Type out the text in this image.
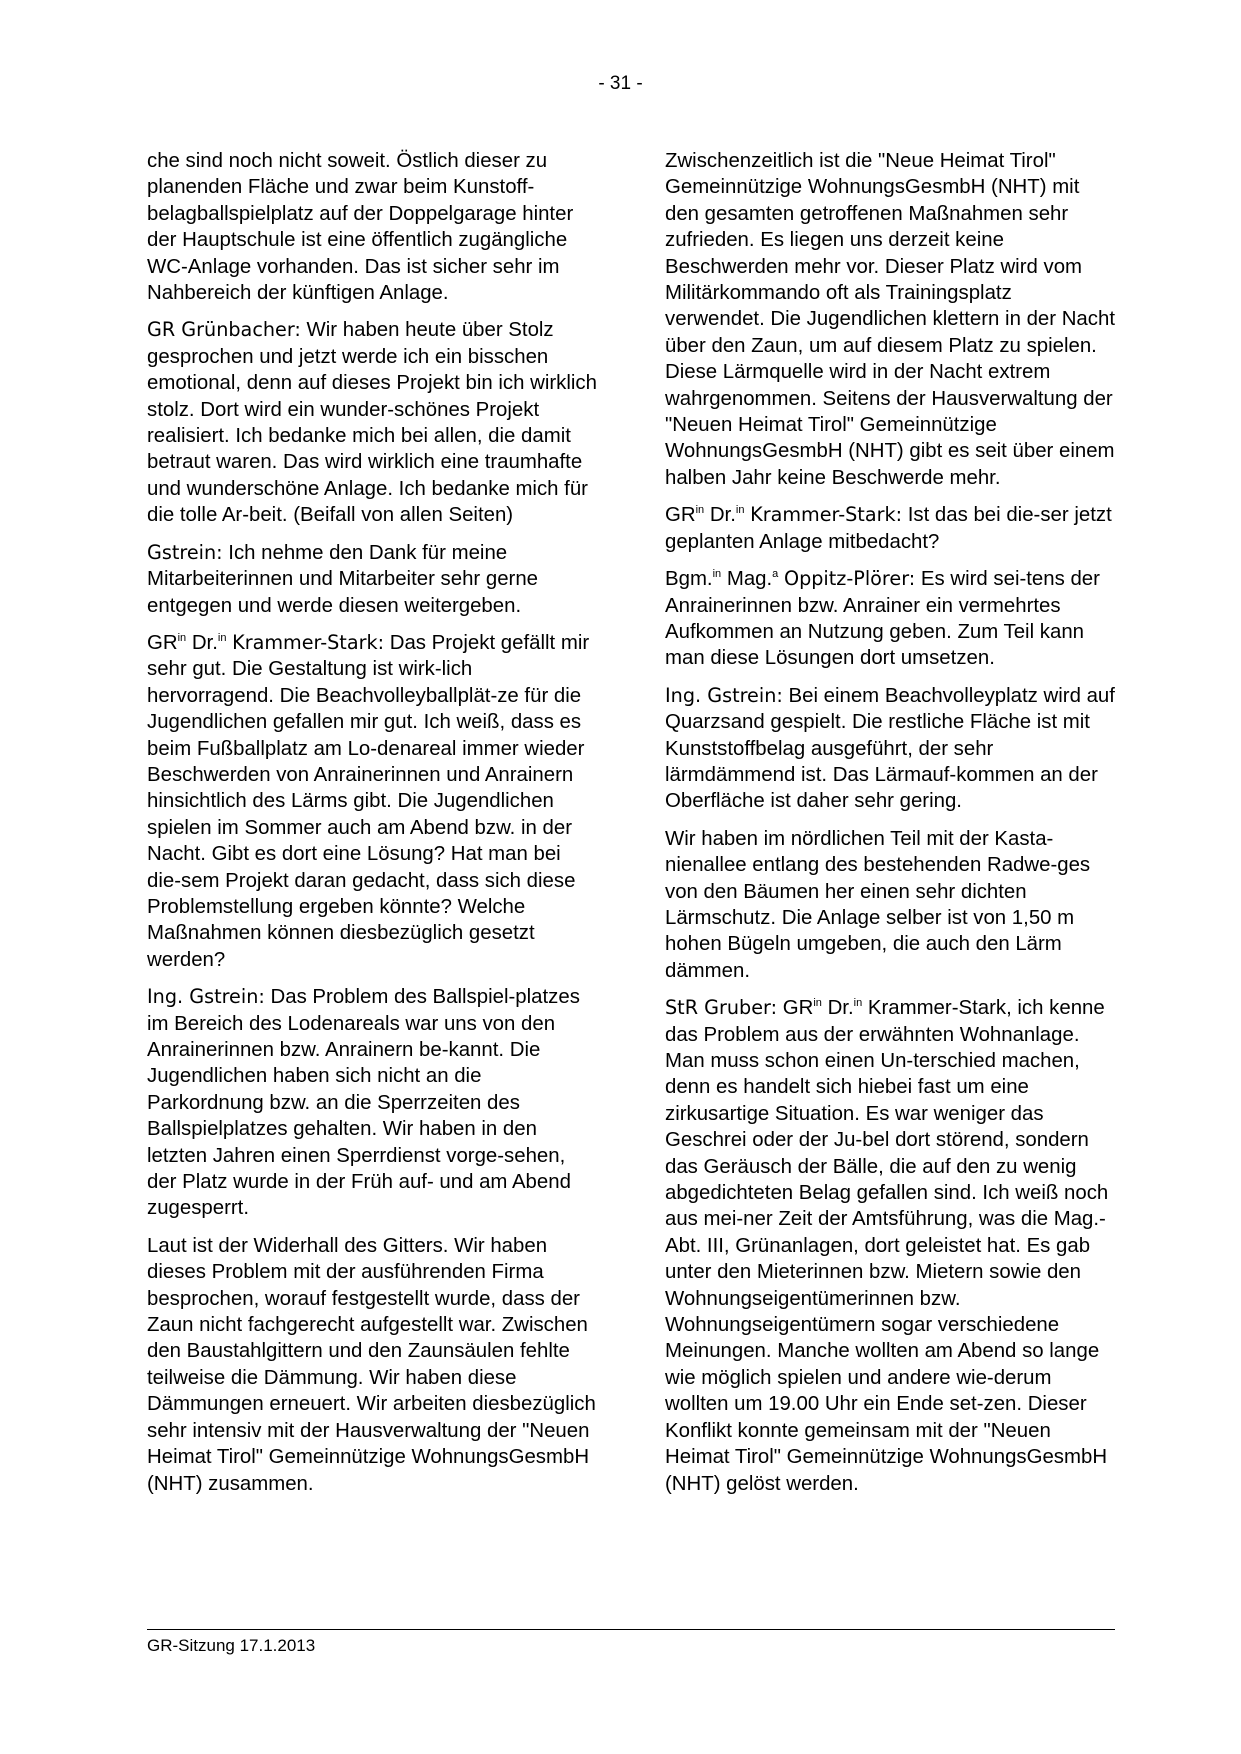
- 31 -

che sind noch nicht soweit. Östlich dieser zu planenden Fläche und zwar beim Kunstoff-belagballspielplatz auf der Doppelgarage hinter der Hauptschule ist eine öffentlich zugängliche WC-Anlage vorhanden. Das ist sicher sehr im Nahbereich der künftigen Anlage.

GR Grünbacher: Wir haben heute über Stolz gesprochen und jetzt werde ich ein bisschen emotional, denn auf dieses Projekt bin ich wirklich stolz. Dort wird ein wunder-schönes Projekt realisiert. Ich bedanke mich bei allen, die damit betraut waren. Das wird wirklich eine traumhafte und wunderschöne Anlage. Ich bedanke mich für die tolle Ar-beit. (Beifall von allen Seiten)

Gstrein: Ich nehme den Dank für meine Mitarbeiterinnen und Mitarbeiter sehr gerne entgegen und werde diesen weitergeben.

$GR^{in}$ Dr.$^{in}$ Krammer-Stark: Das Projekt gefällt mir sehr gut. Die Gestaltung ist wirk-lich hervorragend. Die Beachvolleyballplät-ze für die Jugendlichen gefallen mir gut. Ich weiß, dass es beim Fußballplatz am Lo-denareal immer wieder Beschwerden von Anrainerinnen und Anrainern hinsichtlich des Lärms gibt. Die Jugendlichen spielen im Sommer auch am Abend bzw. in der Nacht. Gibt es dort eine Lösung? Hat man bei die-sem Projekt daran gedacht, dass sich diese Problemstellung ergeben könnte? Welche Maßnahmen können diesbezüglich gesetzt werden?

Ing. Gstrein: Das Problem des Ballspiel-platzes im Bereich des Lodenareals war uns von den Anrainerinnen bzw. Anrainern be-kannt. Die Jugendlichen haben sich nicht an die Parkordnung bzw. an die Sperrzeiten des Ballspielplatzes gehalten. Wir haben in den letzten Jahren einen Sperrdienst vorge-sehen, der Platz wurde in der Früh auf- und am Abend zugesperrt.

Laut ist der Widerhall des Gitters. Wir haben dieses Problem mit der ausführenden Firma besprochen, worauf festgestellt wurde, dass der Zaun nicht fachgerecht aufgestellt war. Zwischen den Baustahlgittern und den Zaunsäulen fehlte teilweise die Dämmung. Wir haben diese Dämmungen erneuert. Wir arbeiten diesbezüglich sehr intensiv mit der Hausverwaltung der "Neuen Heimat Tirol" Gemeinnützige WohnungsGesmbH (NHT) zusammen.

Zwischenzeitlich ist die "Neue Heimat Tirol" Gemeinnützige WohnungsGesmbH (NHT) mit den gesamten getroffenen Maßnahmen sehr zufrieden. Es liegen uns derzeit keine Beschwerden mehr vor. Dieser Platz wird vom Militärkommando oft als Trainingsplatz verwendet. Die Jugendlichen klettern in der Nacht über den Zaun, um auf diesem Platz zu spielen. Diese Lärmquelle wird in der Nacht extrem wahrgenommen. Seitens der Hausverwaltung der "Neuen Heimat Tirol" Gemeinnützige WohnungsGesmbH (NHT) gibt es seit über einem halben Jahr keine Beschwerde mehr.

$GR^{in}$ Dr.$^{in}$ Krammer-Stark: Ist das bei die-ser jetzt geplanten Anlage mitbedacht?

Bgm.$^{in}$ Mag.$^a$ Oppitz-Plörer: Es wird sei-tens der Anrainerinnen bzw. Anrainer ein vermehrtes Aufkommen an Nutzung geben. Zum Teil kann man diese Lösungen dort umsetzen.

Ing. Gstrein: Bei einem Beachvolleyplatz wird auf Quarzsand gespielt. Die restliche Fläche ist mit Kunststoffbelag ausgeführt, der sehr lärmdämmend ist. Das Lärmauf-kommen an der Oberfläche ist daher sehr gering.

Wir haben im nördlichen Teil mit der Kasta-nienallee entlang des bestehenden Radwe-ges von den Bäumen her einen sehr dichten Lärmschutz. Die Anlage selber ist von 1,50 m hohen Bügeln umgeben, die auch den Lärm dämmen.

StR Gruber: $GR^{in}$ Dr.$^{in}$ Krammer-Stark, ich kenne das Problem aus der erwähnten Wohnanlage. Man muss schon einen Un-terschied machen, denn es handelt sich hiebei fast um eine zirkusartige Situation. Es war weniger das Geschrei oder der Ju-bel dort störend, sondern das Geräusch der Bälle, die auf den zu wenig abgedichteten Belag gefallen sind. Ich weiß noch aus mei-ner Zeit der Amtsführung, was die Mag.-Abt. III, Grünanlagen, dort geleistet hat. Es gab unter den Mieterinnen bzw. Mietern sowie den Wohnungseigentümerinnen bzw. Wohnungseigentümern sogar verschiedene Meinungen. Manche wollten am Abend so lange wie möglich spielen und andere wie-derum wollten um 19.00 Uhr ein Ende set-zen. Dieser Konflikt konnte gemeinsam mit der "Neuen Heimat Tirol" Gemeinnützige WohnungsGesmbH (NHT) gelöst werden.

GR-Sitzung 17.1.2013
